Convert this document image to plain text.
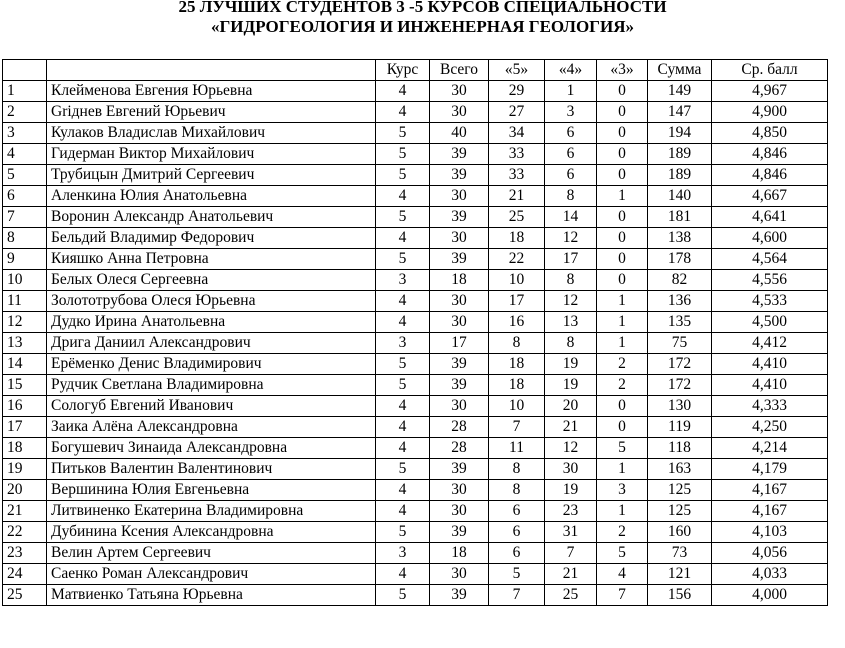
25 ЛУЧШИХ СТУДЕНТОВ 3 -5 КУРСОВ СПЕЦИАЛЬНОСТИ
«ГИДРОГЕОЛОГИЯ И ИНЖЕНЕРНАЯ ГЕОЛОГИЯ»
		Курс	Всего	«5»	«4»	«3»	Сумма	Ср. балл
1	Клейменова Евгения Юрьевна	4	30	29	1	0	149	4,967
2	Griднев Евгений Юрьевич	4	30	27	3	0	147	4,900
3	Кулаков Владислав Михайлович	5	40	34	6	0	194	4,850
4	Гидерман Виктор Михайлович	5	39	33	6	0	189	4,846
5	Трубицын Дмитрий Сергеевич	5	39	33	6	0	189	4,846
6	Аленкина Юлия Анатольевна	4	30	21	8	1	140	4,667
7	Воронин Александр Анатольевич	5	39	25	14	0	181	4,641
8	Бельдий Владимир Федорович	4	30	18	12	0	138	4,600
9	Кияшко Анна Петровна	5	39	22	17	0	178	4,564
10	Белых Олеся Сергеевна	3	18	10	8	0	82	4,556
11	Золототрубова Олеся Юрьевна	4	30	17	12	1	136	4,533
12	Дудко Ирина Анатольевна	4	30	16	13	1	135	4,500
13	Дрига Даниил Александрович	3	17	8	8	1	75	4,412
14	Ерёменко Денис Владимирович	5	39	18	19	2	172	4,410
15	Рудчик Светлана Владимировна	5	39	18	19	2	172	4,410
16	Сологуб Евгений Иванович	4	30	10	20	0	130	4,333
17	Заика Алёна Александровна	4	28	7	21	0	119	4,250
18	Богушевич Зинаида Александровна	4	28	11	12	5	118	4,214
19	Питьков Валентин Валентинович	5	39	8	30	1	163	4,179
20	Вершинина Юлия Евгеньевна	4	30	8	19	3	125	4,167
21	Литвиненко Екатерина Владимировна	4	30	6	23	1	125	4,167
22	Дубинина Ксения Александровна	5	39	6	31	2	160	4,103
23	Велин Артем Сергеевич	3	18	6	7	5	73	4,056
24	Саенко Роман Александрович	4	30	5	21	4	121	4,033
25	Матвиенко Татьяна Юрьевна	5	39	7	25	7	156	4,000
